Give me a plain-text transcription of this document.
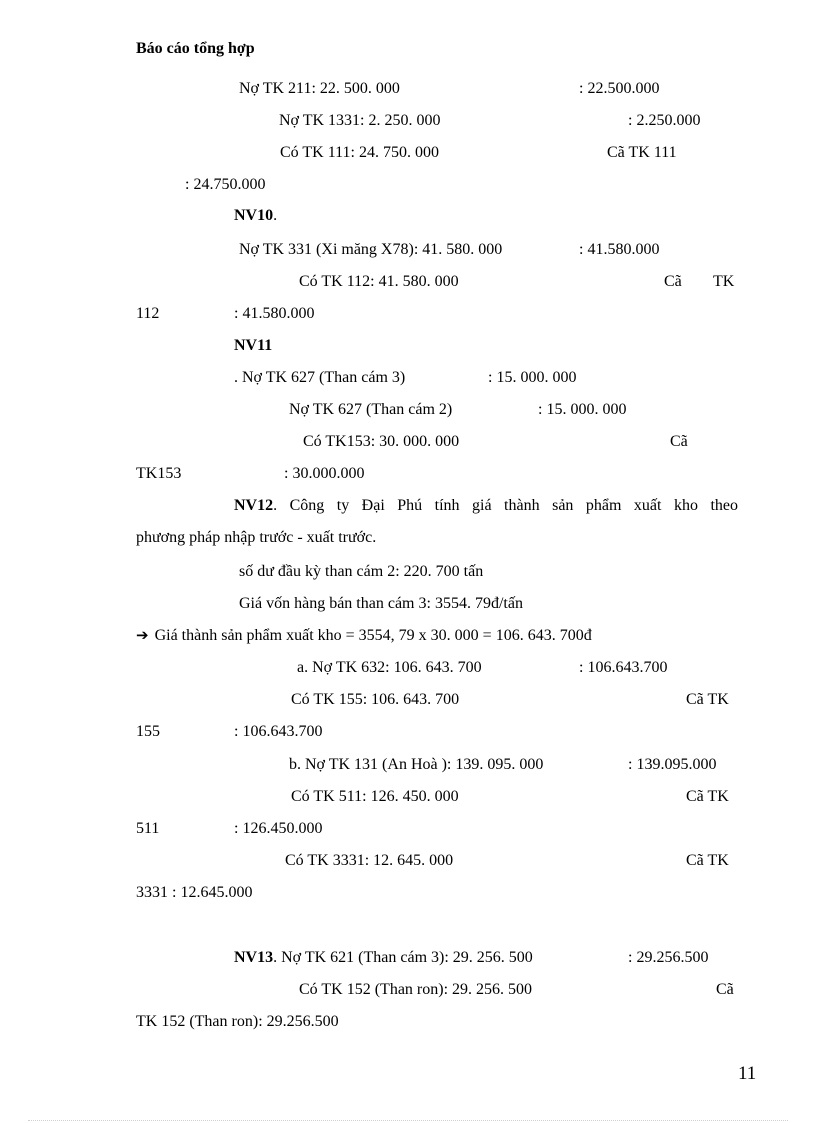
Báo cáo tổng hợp
Nợ TK 211: 22. 500. 000	: 22.500.000
Nợ TK 1331: 2. 250. 000	: 2.250.000
Có TK 111: 24. 750. 000	Cã TK 111
: 24.750.000
NV10.
Nợ TK 331 (Xi măng X78): 41. 580. 000	: 41.580.000
Có TK 112: 41. 580. 000	Cã TK
112	: 41.580.000
NV11
. Nợ TK 627 (Than cám 3)	: 15. 000. 000
Nợ TK 627 (Than cám 2)	: 15. 000. 000
Có TK153: 30. 000. 000	Cã
TK153	: 30.000.000
NV12. Công ty Đại Phú tính giá thành sản phẩm xuất kho theo
phương pháp nhập trước - xuất trước.
số dư đầu kỳ than cám 2: 220. 700 tấn
Giá vốn hàng bán than cám 3: 3554. 79đ/tấn
➔ Giá thành sản phẩm xuất kho = 3554, 79 x 30. 000 = 106. 643. 700đ
a. Nợ TK 632: 106. 643. 700	: 106.643.700
Có TK 155: 106. 643. 700	Cã TK
155	: 106.643.700
b. Nợ TK 131 (An Hoà ): 139. 095. 000	: 139.095.000
Có TK 511: 126. 450. 000	Cã TK
511	: 126.450.000
Có TK 3331: 12. 645. 000	Cã TK
3331 : 12.645.000
NV13. Nợ TK 621 (Than cám 3): 29. 256. 500	: 29.256.500
Có TK 152 (Than ron): 29. 256. 500	Cã
TK 152 (Than ron): 29.256.500
11
